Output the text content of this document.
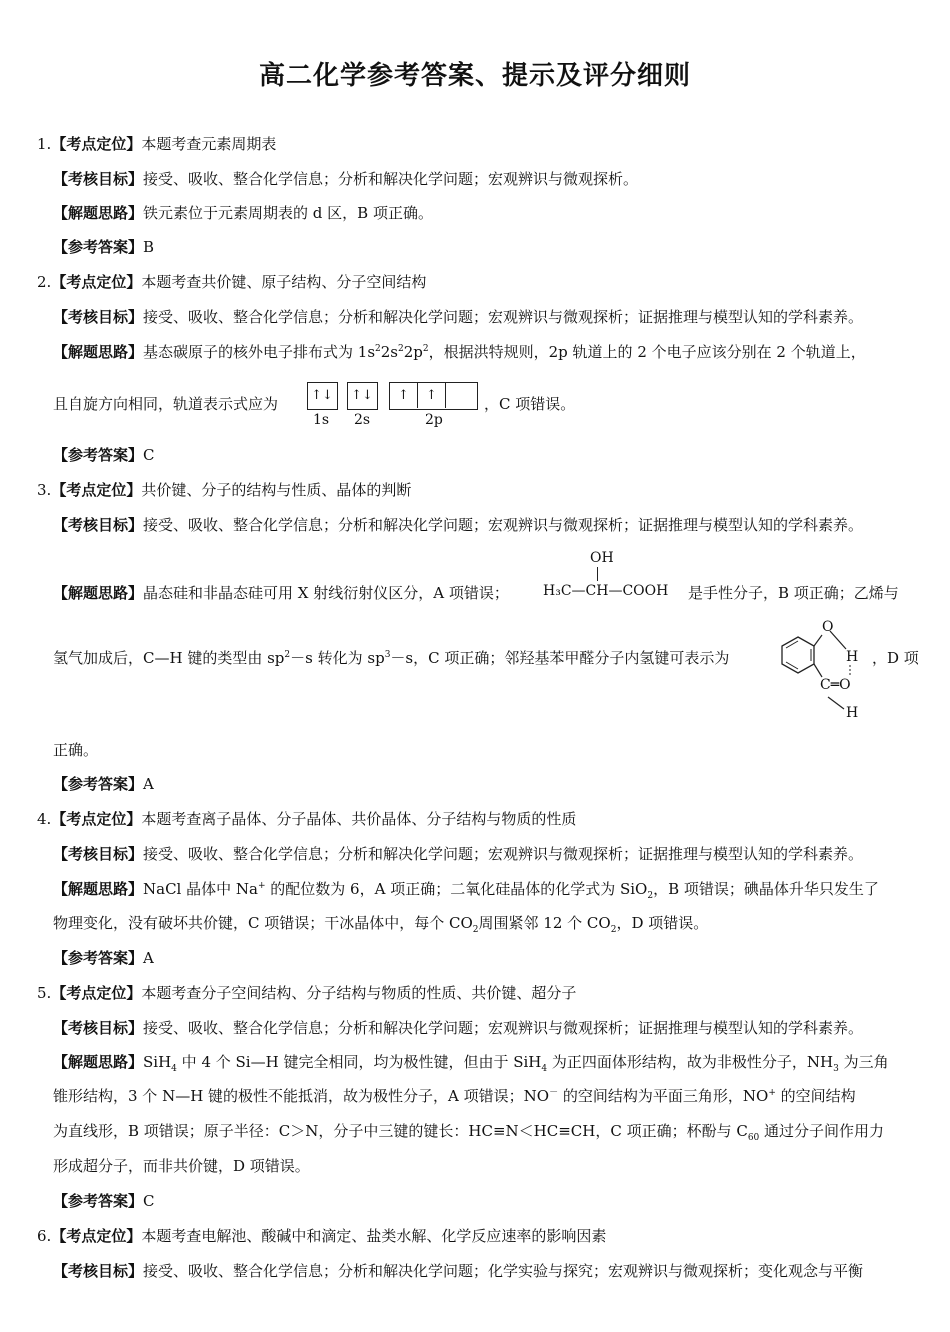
高二化学参考答案、提示及评分细则
1.【考点定位】本题考查元素周期表
【考核目标】接受、吸收、整合化学信息；分析和解决化学问题；宏观辨识与微观探析。
【解题思路】铁元素位于元素周期表的 d 区，B 项正确。
【参考答案】B
2.【考点定位】本题考查共价键、原子结构、分子空间结构
【考核目标】接受、吸收、整合化学信息；分析和解决化学问题；宏观辨识与微观探析；证据推理与模型认知的学科素养。
【解题思路】基态碳原子的核外电子排布式为 $1s^22s^22p^2$，根据洪特规则，2p 轨道上的 2 个电子应该分别在 2 个轨道上，
且自旋方向相同，轨道表示式应为	↑↓	↑↓	↑ ↑
1s 2s	2p
，C 项错误。
【参考答案】C
3.【考点定位】共价键、分子的结构与性质、晶体的判断
【考核目标】接受、吸收、整合化学信息；分析和解决化学问题；宏观辨识与微观探析；证据推理与模型认知的学科素养。
【解题思路】晶态硅和非晶态硅可用 X 射线衍射仪区分，A 项错误；
OH
H₃C—CH—COOH 是手性分子，B 项正确；乙烯与
氢气加成后，C—H 键的类型由 $sp^2-s$ 转化为 $sp^3-s$，C 项正确；邻羟基苯甲醛分子内氢键可表示为
O
H
C═O
H
，D 项
正确。
【参考答案】A
4.【考点定位】本题考查离子晶体、分子晶体、共价晶体、分子结构与物质的性质
【考核目标】接受、吸收、整合化学信息；分析和解决化学问题；宏观辨识与微观探析；证据推理与模型认知的学科素养。
【解题思路】NaCl 晶体中 Na+ 的配位数为 6，A 项正确；二氧化硅晶体的化学式为 SiO$_2$，B 项错误；碘晶体升华只发生了
物理变化，没有破坏共价键，C 项错误；干冰晶体中，每个 $CO_2$周围紧邻 12 个 $CO_2$，D 项错误。
【参考答案】A
5.【考点定位】本题考查分子空间结构、分子结构与物质的性质、共价键、超分子
【考核目标】接受、吸收、整合化学信息；分析和解决化学问题；宏观辨识与微观探析；证据推理与模型认知的学科素养。
【解题思路】SiH$_4$ 中 4 个 Si—H 键完全相同，均为极性键，但由于 SiH$_4$ 为正四面体形结构，故为非极性分子，$NH_3$ 为三角
锥形结构，3 个 N—H 键的极性不能抵消，故为极性分子，A 项错误；NO－ 的空间结构为平面三角形，NO+ 的空间结构
为直线形，B 项错误；原子半径：C＞N，分子中三键的键长：HC≡N＜HC≡CH，C 项正确；杯酚与 $C_{60}$ 通过分子间作用力
形成超分子，而非共价键，D 项错误。
【参考答案】C
6.【考点定位】本题考查电解池、酸碱中和滴定、盐类水解、化学反应速率的影响因素
【考核目标】接受、吸收、整合化学信息；分析和解决化学问题；化学实验与探究；宏观辨识与微观探析；变化观念与平衡
